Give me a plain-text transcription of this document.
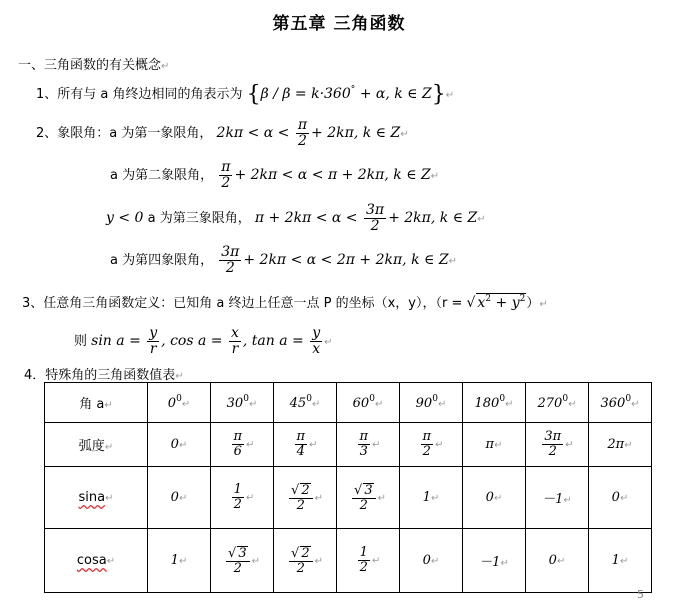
第五章 三角函数
一、三角函数的有关概念↵
1、所有与 a 角终边相同的角表示为 {β / β = k·360° + α, k ∈ Z}↵
2、象限角：a 为第一象限角， $2k\pi < \alpha < \frac{\pi}{2} + 2k\pi$, k ∈ Z↵
a 为第二象限角， $\frac{\pi}{2} + 2k\pi < \alpha < \pi + 2k\pi$, k ∈ Z↵
y < 0 a 为第三象限角， $\pi + 2k\pi < \alpha < \frac{3\pi}{2} + 2k\pi$, k ∈ Z↵
a 为第四象限角， $\frac{3\pi}{2} + 2k\pi < \alpha < 2\pi + 2k\pi$, k ∈ Z↵
3、任意角三角函数定义：已知角 a 终边上任意一点 P 的坐标（x，y），（r = √ $x^2$ + $y^2)↵$
则 $\sin a = \frac{y}{r}$ , $\cos a = \frac{x}{r}$ , $\tan a = \frac{y}{x}$ ↵
4．特殊角的三角函数值表↵
角 a↵	$0^0↵$	$30^0↵$	$45^0↵$	$60^0↵$	$90^0↵$	$180^0↵$	$270^0↵$	$360^0↵$
弧度↵	0↵	$\frac{\pi}{6}$ ↵	$\frac{\pi}{4}$ ↵	$\frac{\pi}{3}$ ↵	$\frac{\pi}{2}$ ↵	π↵	$\frac{3\pi}{2}$ ↵	2π↵
sina↵	0↵	$\frac{1}{2}$ ↵	$\frac{√ 2}{2}$ ↵	$\frac{√ 3}{2}$ ↵	1↵	0↵	－1↵	0↵
cosa↵	1↵	$\frac{√ 3}{2}$ ↵	$\frac{√ 2}{2}$ ↵	$\frac{1}{2}$ ↵	0↵	－1↵	0↵	1↵
5
